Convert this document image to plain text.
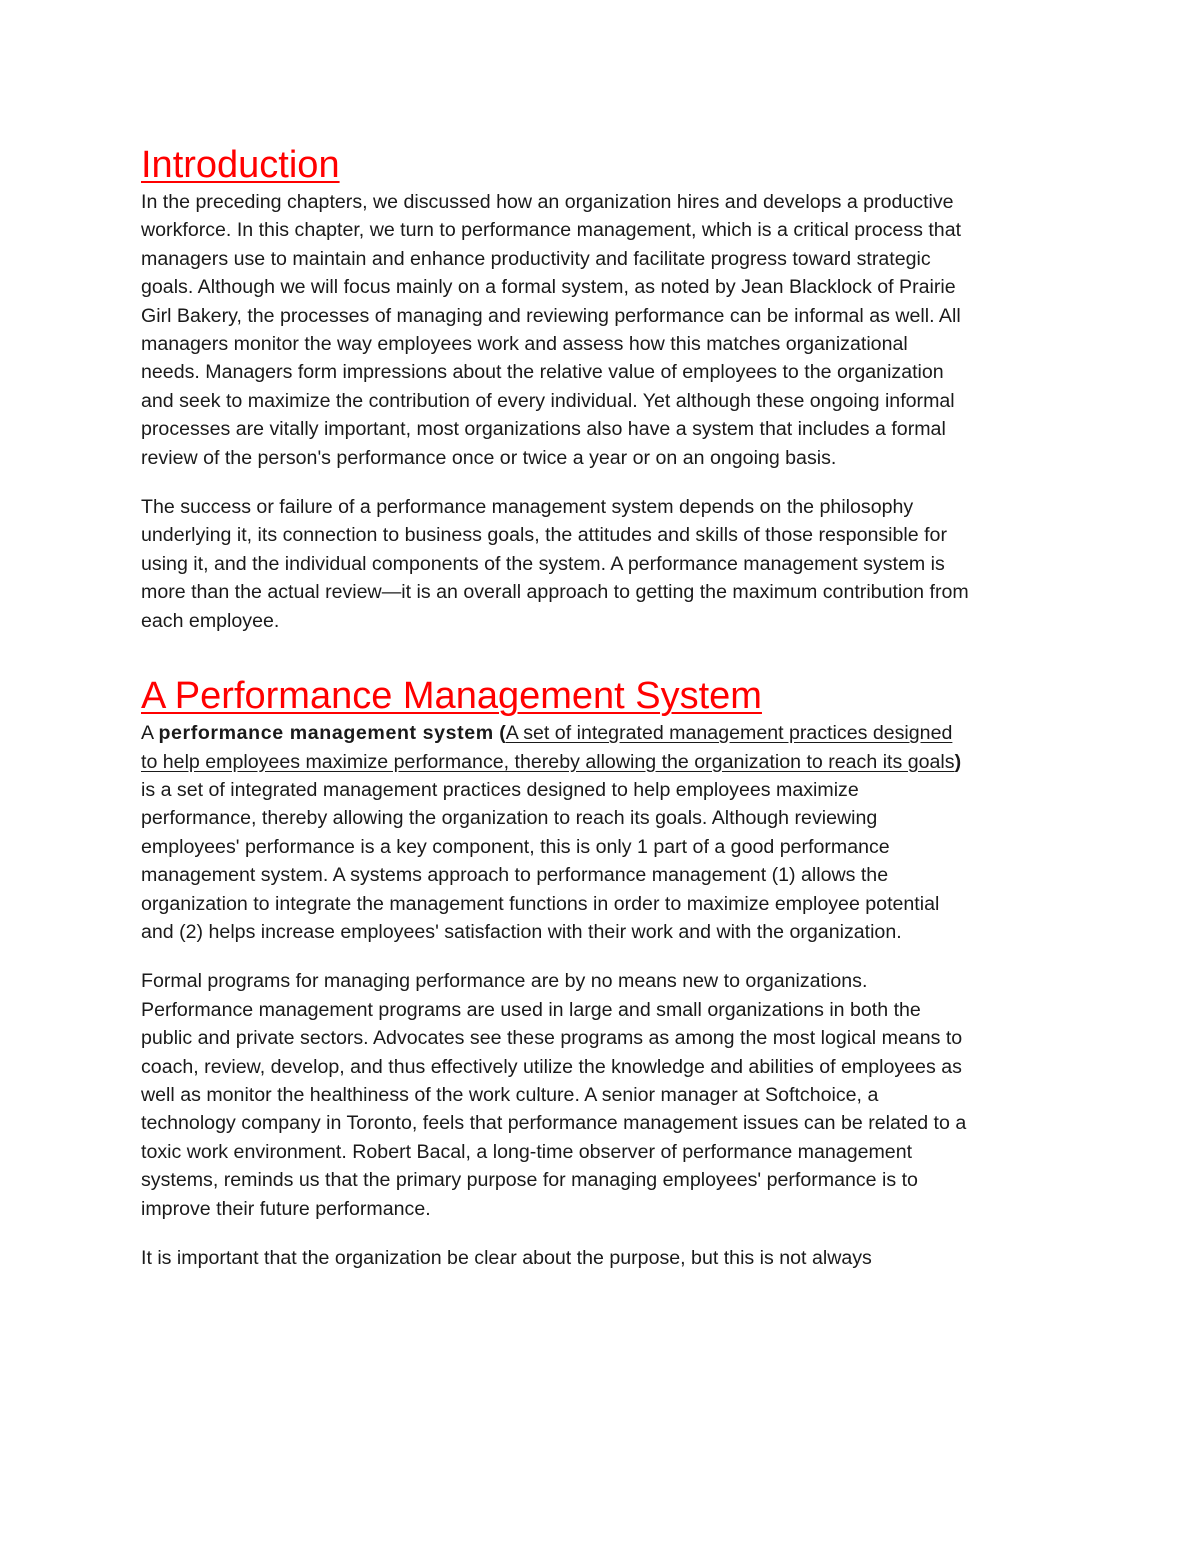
Introduction

In the preceding chapters, we discussed how an organization hires and develops a productive workforce. In this chapter, we turn to performance management, which is a critical process that managers use to maintain and enhance productivity and facilitate progress toward strategic goals. Although we will focus mainly on a formal system, as noted by Jean Blacklock of Prairie Girl Bakery, the processes of managing and reviewing performance can be informal as well. All managers monitor the way employees work and assess how this matches organizational needs. Managers form impressions about the relative value of employees to the organization and seek to maximize the contribution of every individual. Yet although these ongoing informal processes are vitally important, most organizations also have a system that includes a formal review of the person's performance once or twice a year or on an ongoing basis.

The success or failure of a performance management system depends on the philosophy underlying it, its connection to business goals, the attitudes and skills of those responsible for using it, and the individual components of the system. A performance management system is more than the actual review—it is an overall approach to getting the maximum contribution from each employee.

A Performance Management System

A performance management system (A set of integrated management practices designed to help employees maximize performance, thereby allowing the organization to reach its goals) is a set of integrated management practices designed to help employees maximize performance, thereby allowing the organization to reach its goals. Although reviewing employees' performance is a key component, this is only 1 part of a good performance management system. A systems approach to performance management (1) allows the organization to integrate the management functions in order to maximize employee potential and (2) helps increase employees' satisfaction with their work and with the organization.

Formal programs for managing performance are by no means new to organizations. Performance management programs are used in large and small organizations in both the public and private sectors. Advocates see these programs as among the most logical means to coach, review, develop, and thus effectively utilize the knowledge and abilities of employees as well as monitor the healthiness of the work culture. A senior manager at Softchoice, a technology company in Toronto, feels that performance management issues can be related to a toxic work environment. Robert Bacal, a long-time observer of performance management systems, reminds us that the primary purpose for managing employees' performance is to improve their future performance.

It is important that the organization be clear about the purpose, but this is not always
